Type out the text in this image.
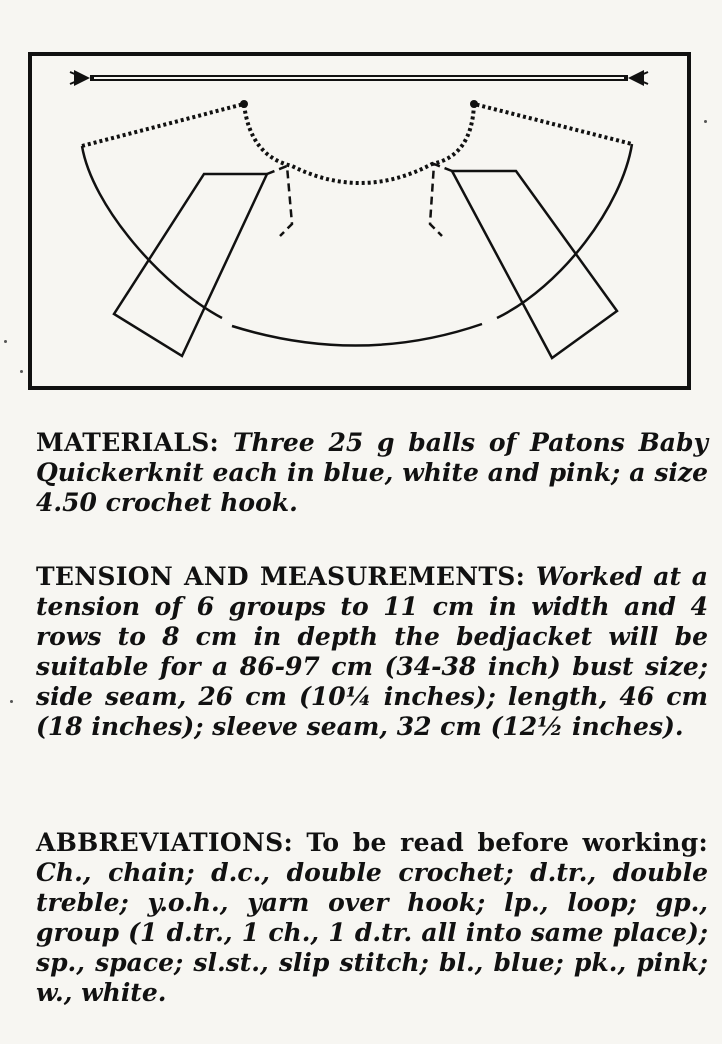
MATERIALS: Three 25 g balls of Patons Baby Quickerknit each in blue, white and pink; a size 4.50 crochet hook.
TENSION AND MEASUREMENTS: Worked at a tension of 6 groups to 11 cm in width and 4 rows to 8 cm in depth the bedjacket will be suitable for a 86-97 cm (34-38 inch) bust size; side seam, 26 cm (10¼ inches); length, 46 cm (18 inches); sleeve seam, 32 cm (12½ inches).
ABBREVIATIONS: To be read before working: Ch., chain; d.c., double crochet; d.tr., double treble; y.o.h., yarn over hook; lp., loop; gp., group (1 d.tr., 1 ch., 1 d.tr. all into same place); sp., space; sl.st., slip stitch; bl., blue; pk., pink; w., white.
